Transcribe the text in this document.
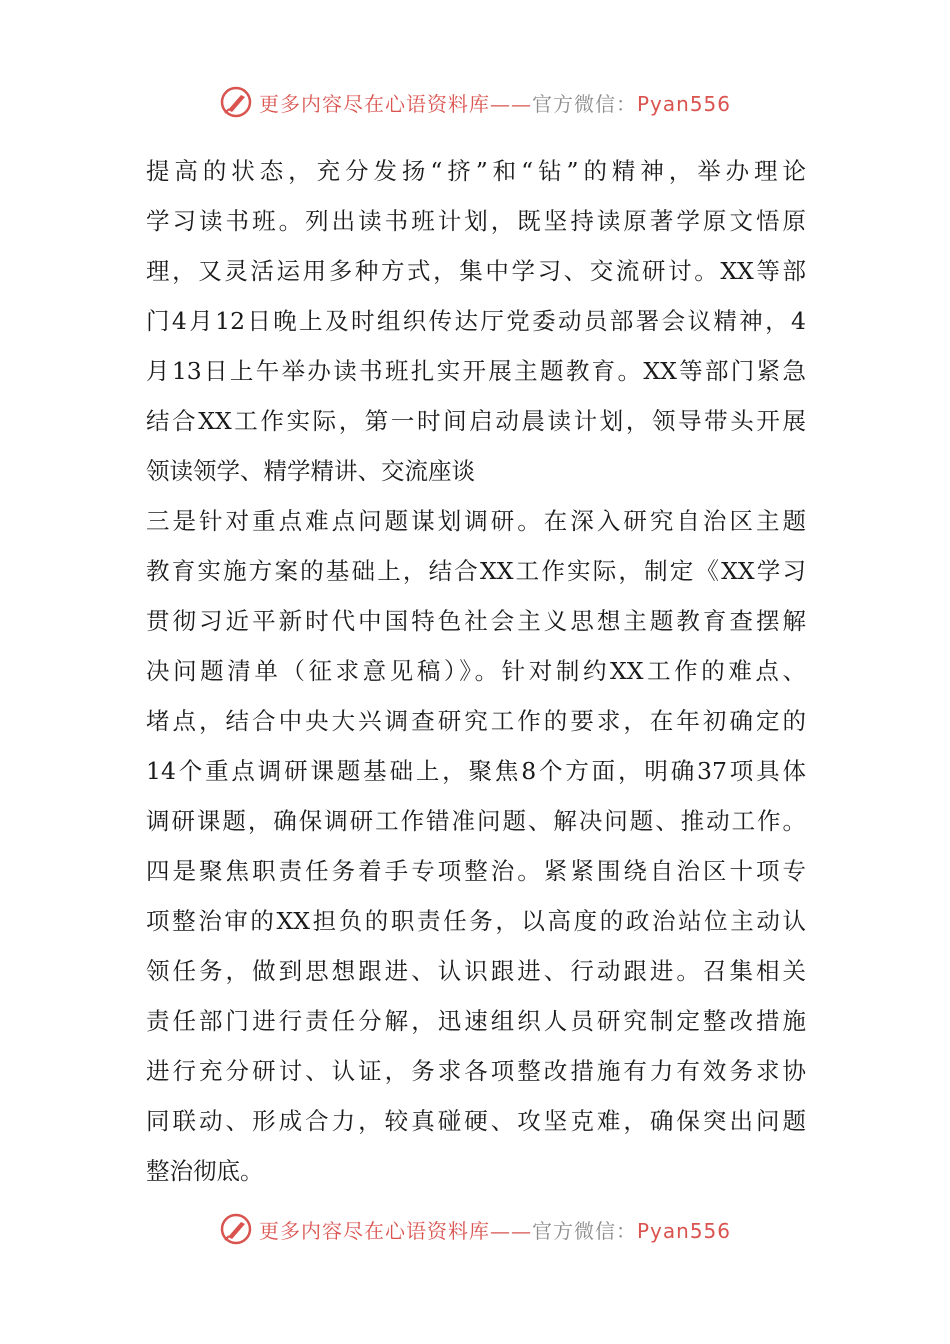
更多内容尽在心语资料库——官方微信：Pyan556
提高的状态，充分发扬“挤”和“钻”的精神，举办理论
学习读书班。列出读书班计划，既坚持读原著学原文悟原
理，又灵活运用多种方式，集中学习、交流研讨。XX等部
门4月12日晚上及时组织传达厅党委动员部署会议精神，4
月13日上午举办读书班扎实开展主题教育。XX等部门紧急
结合XX工作实际，第一时间启动晨读计划，领导带头开展
领读领学、精学精讲、交流座谈
三是针对重点难点问题谋划调研。在深入研究自治区主题
教育实施方案的基础上，结合XX工作实际，制定《XX学习
贯彻习近平新时代中国特色社会主义思想主题教育查摆解
决问题清单（征求意见稿）》。针对制约XX工作的难点、
堵点，结合中央大兴调查研究工作的要求，在年初确定的
14个重点调研课题基础上，聚焦8个方面，明确37项具体
调研课题，确保调研工作错准问题、解决问题、推动工作。
四是聚焦职责任务着手专项整治。紧紧围绕自治区十项专
项整治审的XX担负的职责任务，以高度的政治站位主动认
领任务，做到思想跟进、认识跟进、行动跟进。召集相关
责任部门进行责任分解，迅速组织人员研究制定整改措施
进行充分研讨、认证，务求各项整改措施有力有效务求协
同联动、形成合力，较真碰硬、攻坚克难，确保突出问题
整治彻底。
更多内容尽在心语资料库——官方微信：Pyan556
